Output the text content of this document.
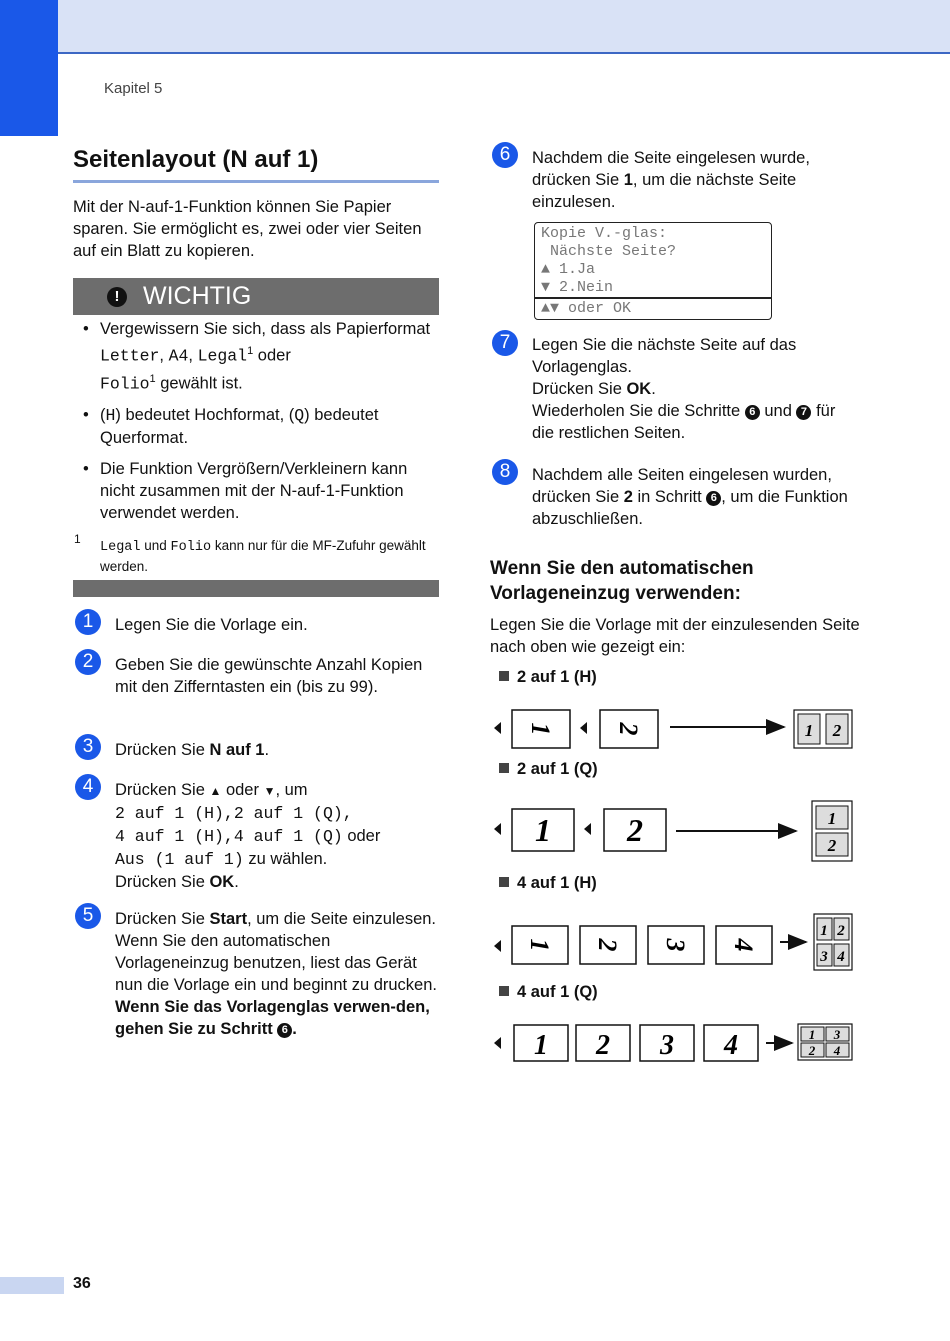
Kapitel 5
Seitenlayout (N auf 1)
Mit der N-auf-1-Funktion können Sie Papier sparen. Sie ermöglicht es, zwei oder vier Seiten auf ein Blatt zu kopieren.
! WICHTIG
• Vergewissern Sie sich, dass als Papierformat Letter, A4, Legal$^1$ oder
Folio$^1$ gewählt ist.
• (H) bedeutet Hochformat, (Q) bedeutet Querformat.
• Die Funktion Vergrößern/Verkleinern kann nicht zusammen mit der N-auf-1-Funktion verwendet werden.
1
Legal und Folio kann nur für die MF-Zufuhr gewählt werden.
1	Legen Sie die Vorlage ein.
2	Geben Sie die gewünschte Anzahl Kopien mit den Zifferntasten ein (bis zu 99).
3	Drücken Sie N auf 1.
4	Drücken Sie ▲ oder ▼, um
2 auf 1 (H),2 auf 1 (Q),
4 auf 1 (H),4 auf 1 (Q) oder
Aus (1 auf 1) zu wählen.
Drücken Sie OK.
5	Drücken Sie Start, um die Seite einzulesen.
Wenn Sie den automatischen Vorlageneinzug benutzen, liest das Gerät nun die Vorlage ein und beginnt zu drucken.
Wenn Sie das Vorlagenglas verwen-den, gehen Sie zu Schritt 6 .
6	Nachdem die Seite eingelesen wurde, drücken Sie 1, um die nächste Seite einzulesen.
Kopie V.-glas:
Nächste Seite?
▲ 1.Ja
▼ 2.Nein
▲▼ oder OK
7	Legen Sie die nächste Seite auf das Vorlagenglas.
Drücken Sie OK.
Wiederholen Sie die Schritte 6 und 7 für die restlichen Seiten.
8	Nachdem alle Seiten eingelesen wurden, drücken Sie 2 in Schritt 6 , um die Funktion abzuschließen.
Wenn Sie den automatischen Vorlageneinzug verwenden:
Legen Sie die Vorlage mit der einzulesenden Seite nach oben wie gezeigt ein:
2 auf 1 (H)
2 auf 1 (Q)
4 auf 1 (H)
4 auf 1 (Q)
1 2	1 2
1 2	1
2
1 2 3 4
1 2
3 4
1 2 3 4	1 3
2 4
36
